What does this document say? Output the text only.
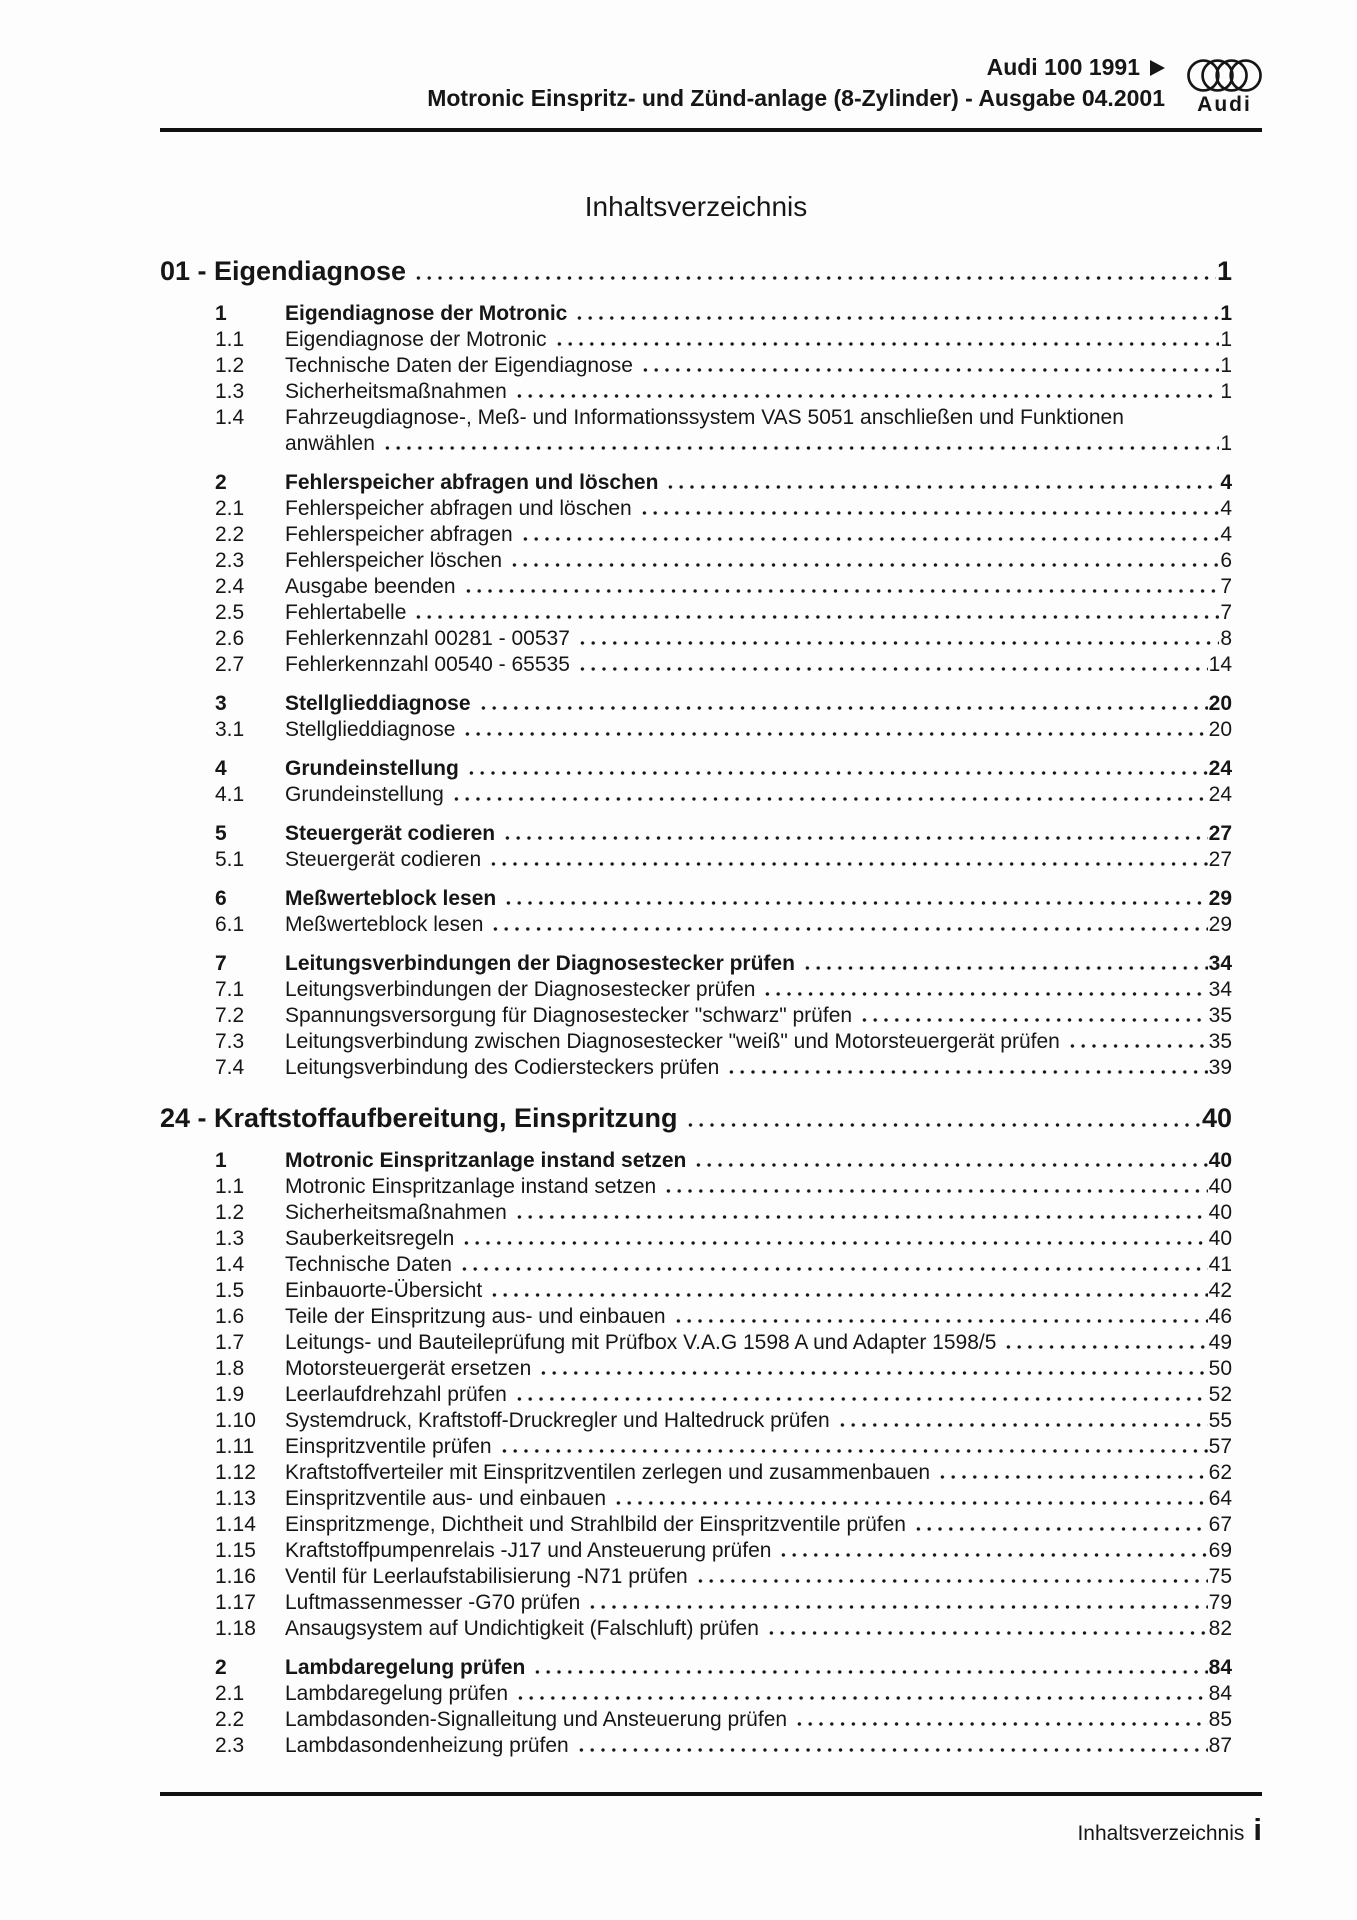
Audi 100 1991
Motronic Einspritz- und Zünd-anlage (8-Zylinder) - Ausgabe 04.2001	Audi
Inhaltsverzeichnis
01 - Eigendiagnose	1
1	Eigendiagnose der Motronic	1
1.1	Eigendiagnose der Motronic	1
1.2	Technische Daten der Eigendiagnose	1
1.3	Sicherheitsmaßnahmen	1
1.4	Fahrzeugdiagnose-, Meß- und Informationssystem VAS 5051 anschließen und Funktionen
anwählen	1
2	Fehlerspeicher abfragen und löschen	4
2.1	Fehlerspeicher abfragen und löschen	4
2.2	Fehlerspeicher abfragen	4
2.3	Fehlerspeicher löschen	6
2.4	Ausgabe beenden	7
2.5	Fehlertabelle	7
2.6	Fehlerkennzahl 00281 - 00537	8
2.7	Fehlerkennzahl 00540 - 65535	14
3	Stellglieddiagnose	20
3.1	Stellglieddiagnose	20
4	Grundeinstellung	24
4.1	Grundeinstellung	24
5	Steuergerät codieren	27
5.1	Steuergerät codieren	27
6	Meßwerteblock lesen	29
6.1	Meßwerteblock lesen	29
7	Leitungsverbindungen der Diagnosestecker prüfen	34
7.1	Leitungsverbindungen der Diagnosestecker prüfen	34
7.2	Spannungsversorgung für Diagnosestecker "schwarz" prüfen	35
7.3	Leitungsverbindung zwischen Diagnosestecker "weiß" und Motorsteuergerät prüfen	35
7.4	Leitungsverbindung des Codiersteckers prüfen	39
24 - Kraftstoffaufbereitung, Einspritzung	40
1	Motronic Einspritzanlage instand setzen	40
1.1	Motronic Einspritzanlage instand setzen	40
1.2	Sicherheitsmaßnahmen	40
1.3	Sauberkeitsregeln	40
1.4	Technische Daten	41
1.5	Einbauorte-Übersicht	42
1.6	Teile der Einspritzung aus- und einbauen	46
1.7	Leitungs- und Bauteileprüfung mit Prüfbox V.A.G 1598 A und Adapter 1598/5	49
1.8	Motorsteuergerät ersetzen	50
1.9	Leerlaufdrehzahl prüfen	52
1.10	Systemdruck, Kraftstoff-Druckregler und Haltedruck prüfen	55
1.11	Einspritzventile prüfen	57
1.12	Kraftstoffverteiler mit Einspritzventilen zerlegen und zusammenbauen	62
1.13	Einspritzventile aus- und einbauen	64
1.14	Einspritzmenge, Dichtheit und Strahlbild der Einspritzventile prüfen	67
1.15	Kraftstoffpumpenrelais -J17 und Ansteuerung prüfen	69
1.16	Ventil für Leerlaufstabilisierung -N71 prüfen	75
1.17	Luftmassenmesser -G70 prüfen	79
1.18	Ansaugsystem auf Undichtigkeit (Falschluft) prüfen	82
2	Lambdaregelung prüfen	84
2.1	Lambdaregelung prüfen	84
2.2	Lambdasonden-Signalleitung und Ansteuerung prüfen	85
2.3	Lambdasondenheizung prüfen	87
Inhaltsverzeichnis i
